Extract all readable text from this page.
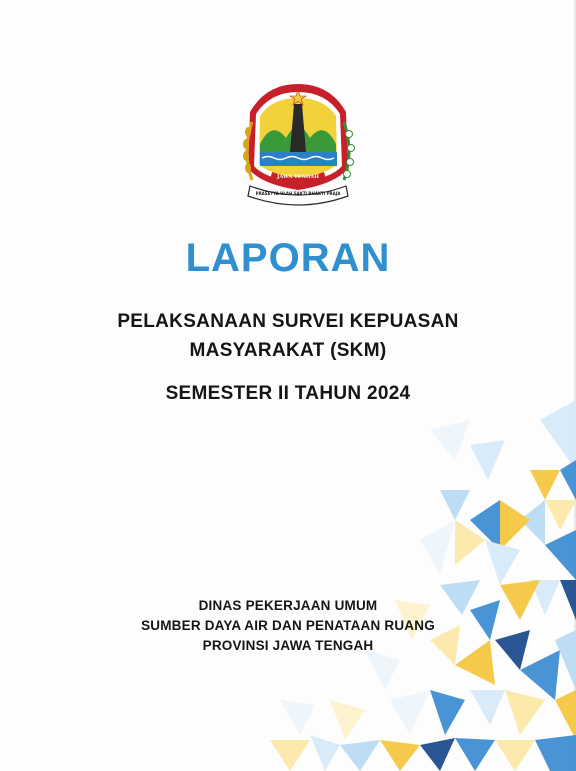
JAWA TENGAH
PRASETYA ULAH SAKTI BHAKTI PRAJA
LAPORAN
PELAKSANAAN SURVEI KEPUASAN
MASYARAKAT (SKM)
SEMESTER II TAHUN 2024
DINAS PEKERJAAN UMUM
SUMBER DAYA AIR DAN PENATAAN RUANG
PROVINSI JAWA TENGAH
